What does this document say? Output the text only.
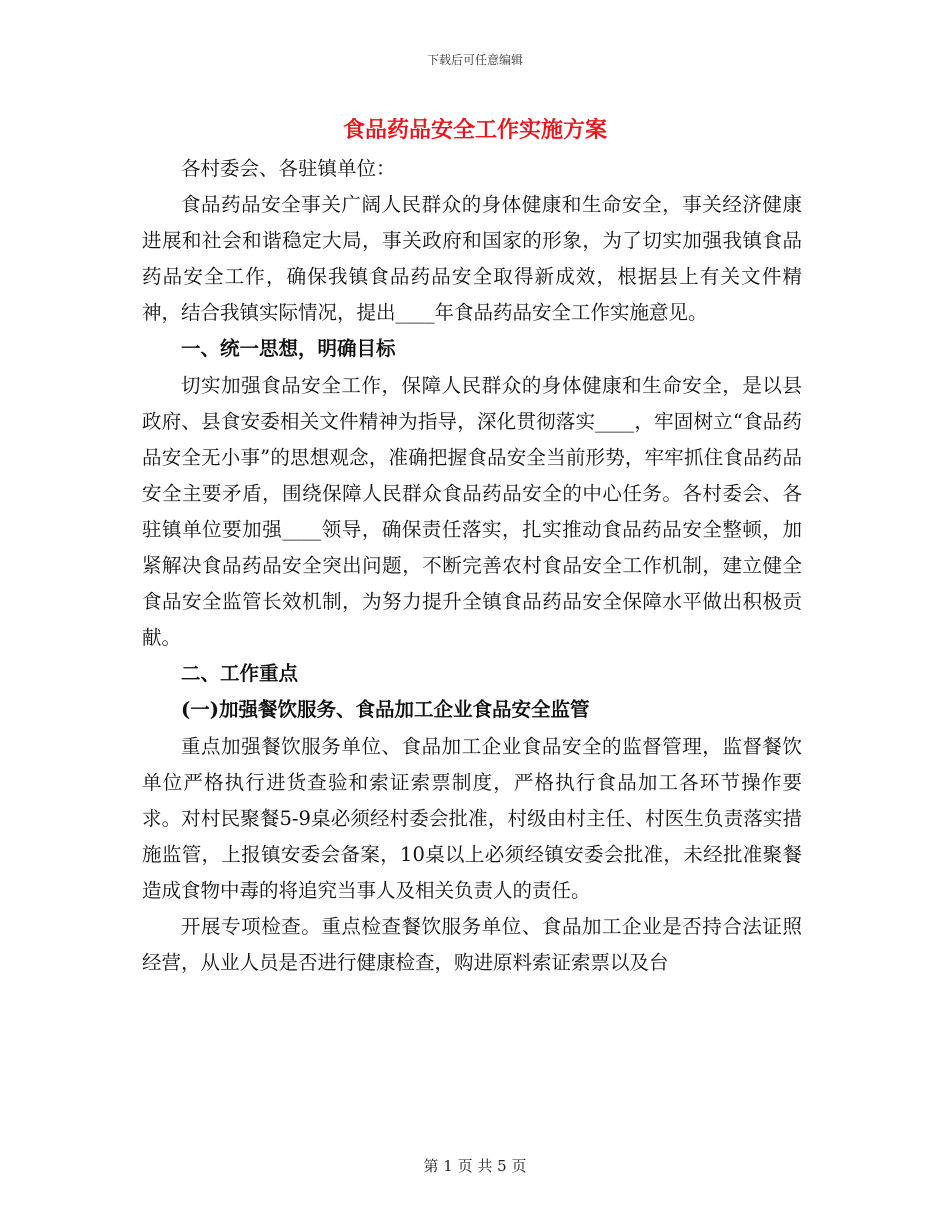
下载后可任意编辑
食品药品安全工作实施方案

各村委会、各驻镇单位：

食品药品安全事关广阔人民群众的身体健康和生命安全，事关经济健康进展和社会和谐稳定大局，事关政府和国家的形象，为了切实加强我镇食品药品安全工作，确保我镇食品药品安全取得新成效，根据县上有关文件精神，结合我镇实际情况，提出____年食品药品安全工作实施意见。

一、统一思想，明确目标

切实加强食品安全工作，保障人民群众的身体健康和生命安全，是以县政府、县食安委相关文件精神为指导，深化贯彻落实____，牢固树立“食品药品安全无小事”的思想观念，准确把握食品安全当前形势，牢牢抓住食品药品安全主要矛盾，围绕保障人民群众食品药品安全的中心任务。各村委会、各驻镇单位要加强____领导，确保责任落实，扎实推动食品药品安全整顿，加紧解决食品药品安全突出问题，不断完善农村食品安全工作机制，建立健全食品安全监管长效机制，为努力提升全镇食品药品安全保障水平做出积极贡献。

二、工作重点

(一)加强餐饮服务、食品加工企业食品安全监管

重点加强餐饮服务单位、食品加工企业食品安全的监督管理，监督餐饮单位严格执行进货查验和索证索票制度，严格执行食品加工各环节操作要求。对村民聚餐5-9桌必须经村委会批准，村级由村主任、村医生负责落实措施监管，上报镇安委会备案，10桌以上必须经镇安委会批准，未经批准聚餐造成食物中毒的将追究当事人及相关负责人的责任。

开展专项检查。重点检查餐饮服务单位、食品加工企业是否持合法证照经营，从业人员是否进行健康检查，购进原料索证索票以及台

第 1 页 共 5 页
